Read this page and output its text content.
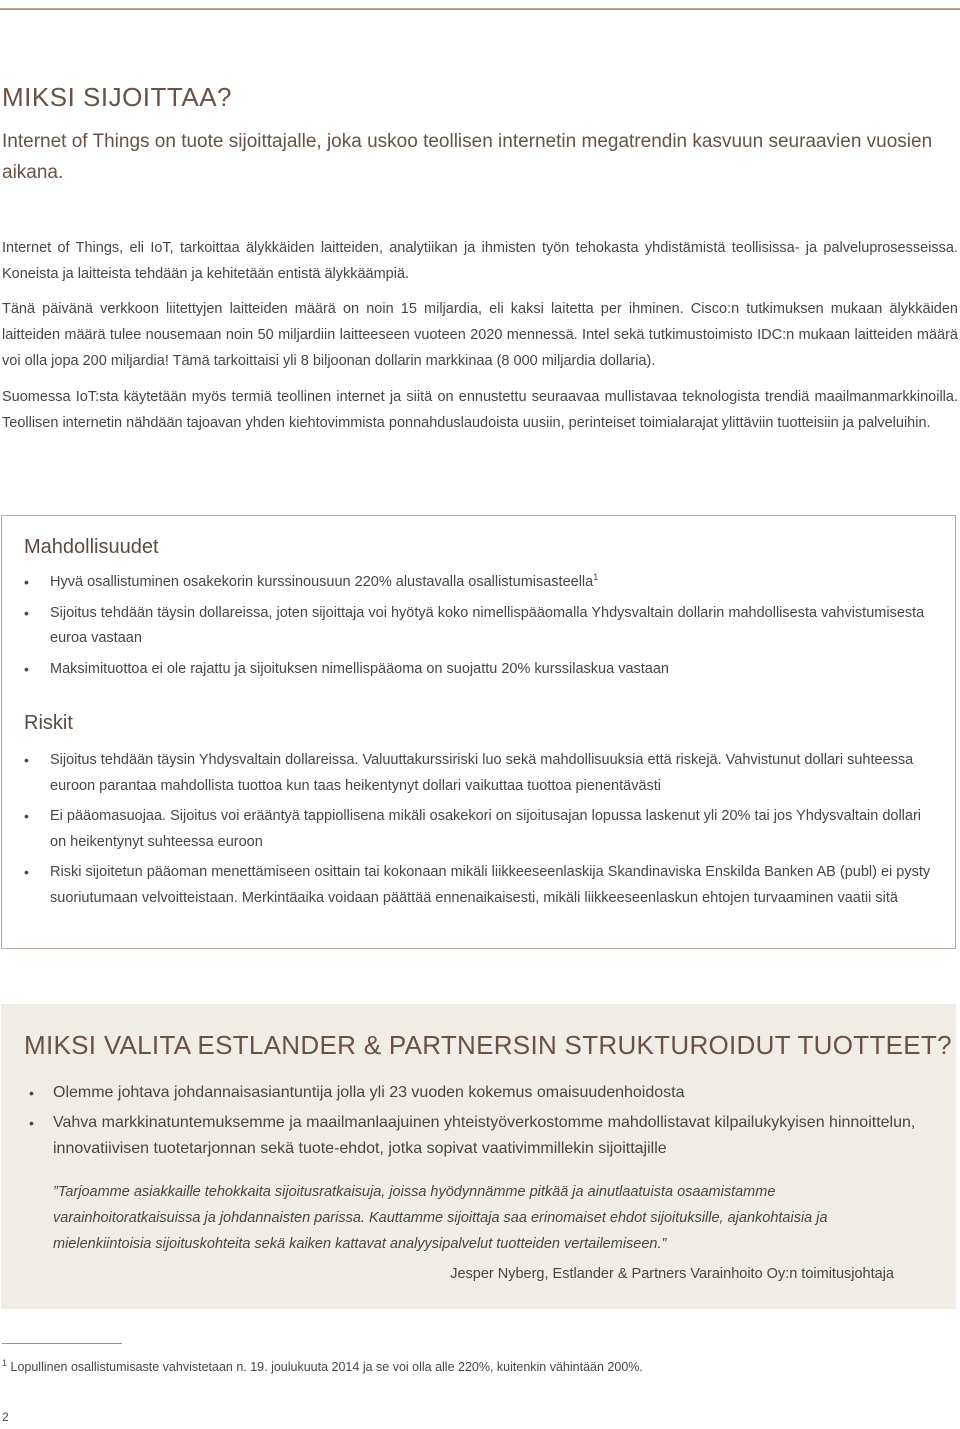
MIKSI SIJOITTAA?

Internet of Things on tuote sijoittajalle, joka uskoo teollisen internetin megatrendin kasvuun seuraavien vuosien aikana.

Internet of Things, eli IoT, tarkoittaa älykkäiden laitteiden, analytiikan ja ihmisten työn tehokasta yhdistämistä teollisissa- ja palveluprosesseissa. Koneista ja laitteista tehdään ja kehitetään entistä älykkäämpiä.

Tänä päivänä verkkoon liitettyjen laitteiden määrä on noin 15 miljardia, eli kaksi laitetta per ihminen. Cisco:n tutkimuksen mukaan älykkäiden laitteiden määrä tulee nousemaan noin 50 miljardiin laitteeseen vuoteen 2020 mennessä. Intel sekä tutkimustoimisto IDC:n mukaan laitteiden määrä voi olla jopa 200 miljardia! Tämä tarkoittaisi yli 8 biljoonan dollarin markkinaa (8 000 miljardia dollaria).

Suomessa IoT:sta käytetään myös termiä teollinen internet ja siitä on ennustettu seuraavaa mullistavaa teknologista trendiä maailmanmarkkinoilla. Teollisen internetin nähdään tajoavan yhden kiehtovimmista ponnahduslaudoista uusiin, perinteiset toimialarajat ylittäviin tuotteisiin ja palveluihin.

Mahdollisuudet
• Hyvä osallistuminen osakekorin kurssinousuun 220% alustavalla osallistumisasteella$^1$
• Sijoitus tehdään täysin dollareissa, joten sijoittaja voi hyötyä koko nimellispääomalla Yhdysvaltain dollarin mahdollisesta vahvistumisesta euroa vastaan
• Maksimituottoa ei ole rajattu ja sijoituksen nimellispääoma on suojattu 20% kurssilaskua vastaan
Riskit
• Sijoitus tehdään täysin Yhdysvaltain dollareissa. Valuuttakurssiriski luo sekä mahdollisuuksia että riskejä. Vahvistunut dollari suhteessa euroon parantaa mahdollista tuottoa kun taas heikentynyt dollari vaikuttaa tuottoa pienentävästi
• Ei pääomasuojaa. Sijoitus voi erääntyä tappiollisena mikäli osakekori on sijoitusajan lopussa laskenut yli 20% tai jos Yhdysvaltain dollari on heikentynyt suhteessa euroon
• Riski sijoitetun pääoman menettämiseen osittain tai kokonaan mikäli liikkeeseenlaskija Skandinaviska Enskilda Banken AB (publ) ei pysty suoriutumaan velvoitteistaan. Merkintäaika voidaan päättää ennenaikaisesti, mikäli liikkeeseenlaskun ehtojen turvaaminen vaatii sitä
MIKSI VALITA ESTLANDER & PARTNERSIN STRUKTUROIDUT TUOTTEET?
• Olemme johtava johdannaisasiantuntija jolla yli 23 vuoden kokemus omaisuudenhoidosta
• Vahva markkinatuntemuksemme ja maailmanlaajuinen yhteistyöverkostomme mahdollistavat kilpailukykyisen hinnoittelun, innovatiivisen tuotetarjonnan sekä tuote-ehdot, jotka sopivat vaativimmillekin sijoittajille

”Tarjoamme asiakkaille tehokkaita sijoitusratkaisuja, joissa hyödynnämme pitkää ja ainutlaatuista osaamistamme varainhoitoratkaisuissa ja johdannaisten parissa. Kauttamme sijoittaja saa erinomaiset ehdot sijoituksille, ajankohtaisia ja mielenkiintoisia sijoituskohteita sekä kaiken kattavat analyysipalvelut tuotteiden vertailemiseen.”

Jesper Nyberg, Estlander & Partners Varainhoito Oy:n toimitusjohtaja

$^1$ Lopullinen osallistumisaste vahvistetaan n. 19. joulukuuta 2014 ja se voi olla alle 220%, kuitenkin vähintään 200%.

2
